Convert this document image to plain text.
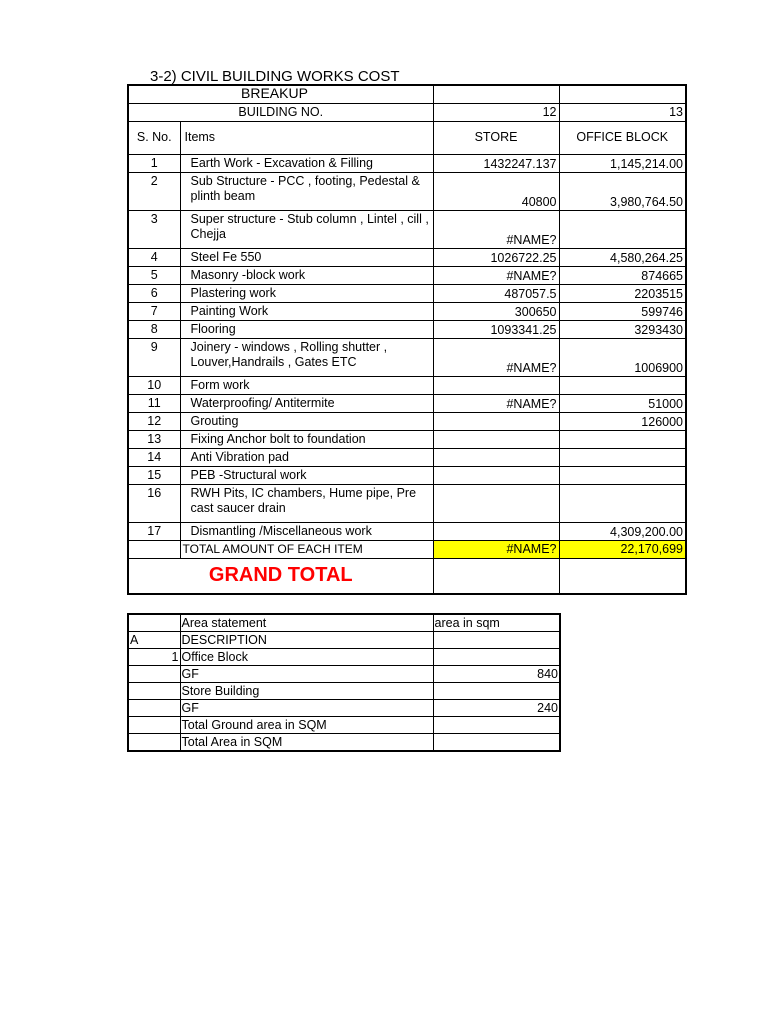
3-2) CIVIL BUILDING WORKS COST
BREAKUP			
BUILDING NO.		12	13
S. No.	Items	STORE	OFFICE BLOCK
1	Earth Work - Excavation & Filling	1432247.137	1,145,214.00
2	Sub Structure - PCC , footing, Pedestal & plinth beam	40800	3,980,764.50
3	Super structure - Stub column , Lintel , cill , Chejja	#NAME?	
4	Steel Fe 550	1026722.25	4,580,264.25
5	Masonry -block work	#NAME?	874665
6	Plastering work	487057.5	2203515
7	Painting Work	300650	599746
8	Flooring	1093341.25	3293430
9	Joinery - windows , Rolling shutter , Louver,Handrails , Gates ETC	#NAME?	1006900
10	Form work		
11	Waterproofing/ Antitermite	#NAME?	51000
12	Grouting		126000
13	Fixing Anchor bolt to foundation		
14	Anti Vibration pad		
15	PEB -Structural work		
16	RWH Pits, IC chambers, Hume pipe, Pre cast saucer drain		
17	Dismantling /Miscellaneous work		4,309,200.00
	TOTAL AMOUNT OF EACH ITEM	#NAME?	22,170,699
GRAND TOTAL			
	Area statement	area in sqm
A	DESCRIPTION	
1	Office Block	
	GF	840
	Store Building	
	GF	240
	Total Ground area in SQM	
	Total Area in SQM	
